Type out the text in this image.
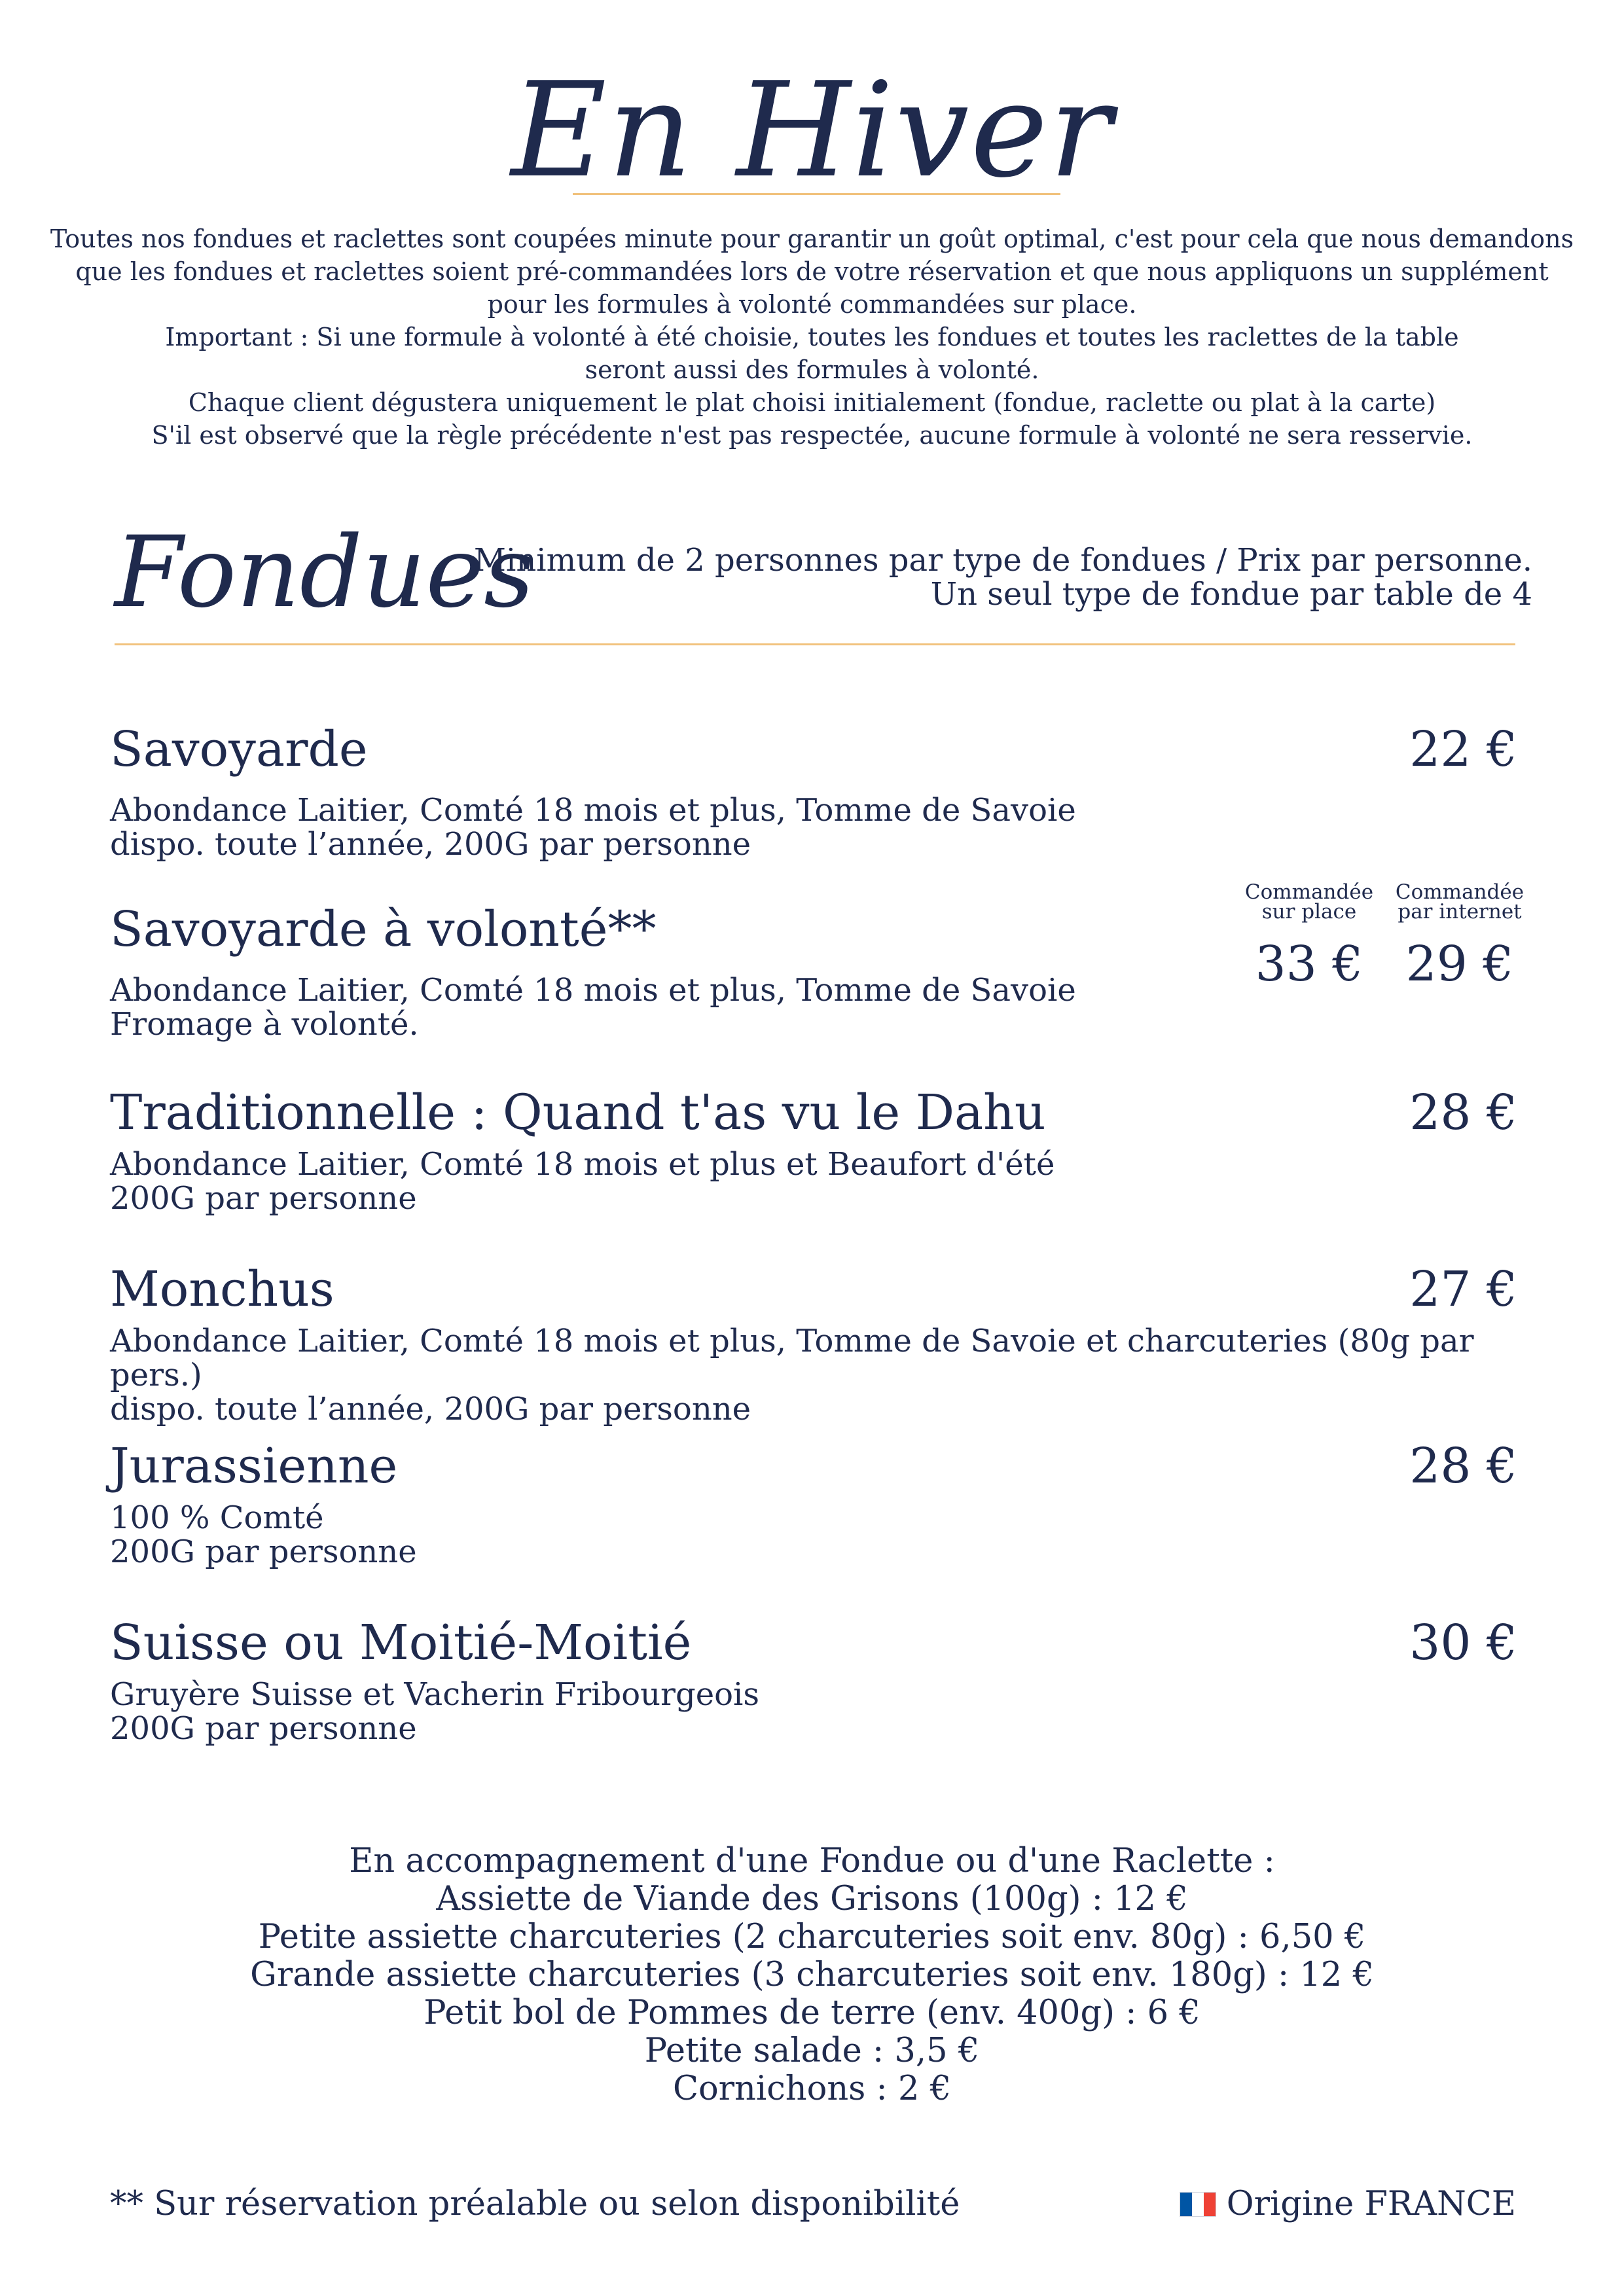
En Hiver
Toutes nos fondues et raclettes sont coupées minute pour garantir un goût optimal, c'est pour cela que nous demandons
que les fondues et raclettes soient pré-commandées lors de votre réservation et que nous appliquons un supplément
pour les formules à volonté commandées sur place.
Important : Si une formule à volonté à été choisie, toutes les fondues et toutes les raclettes de la table
seront aussi des formules à volonté.
Chaque client dégustera uniquement le plat choisi initialement (fondue, raclette ou plat à la carte)
S'il est observé que la règle précédente n'est pas respectée, aucune formule à volonté ne sera resservie.
Fondues
Minimum de 2 personnes par type de fondues / Prix par personne.
Un seul type de fondue par table de 4
Savoyarde	22 €
Abondance Laitier, Comté 18 mois et plus, Tomme de Savoie
dispo. toute l’année, 200G par personne
Savoyarde à volonté**
Abondance Laitier, Comté 18 mois et plus, Tomme de Savoie
Fromage à volonté.
Commandée
sur place
33 €
Commandée
par internet
29 €
Traditionnelle : Quand t'as vu le Dahu	28 €
Abondance Laitier, Comté 18 mois et plus et Beaufort d'été
200G par personne
Monchus	27 €
Abondance Laitier, Comté 18 mois et plus, Tomme de Savoie et charcuteries (80g par pers.)
dispo. toute l’année, 200G par personne
Jurassienne	28 €
100 % Comté
200G par personne
Suisse ou Moitié-Moitié	30 €
Gruyère Suisse et Vacherin Fribourgeois
200G par personne
En accompagnement d'une Fondue ou d'une Raclette :
Assiette de Viande des Grisons (100g) : 12 €
Petite assiette charcuteries (2 charcuteries soit env. 80g) : 6,50 €
Grande assiette charcuteries (3 charcuteries soit env. 180g) : 12 €
Petit bol de Pommes de terre (env. 400g) : 6 €
Petite salade : 3,5 €
Cornichons : 2 €
** Sur réservation préalable ou selon disponibilité	Origine FRANCE
